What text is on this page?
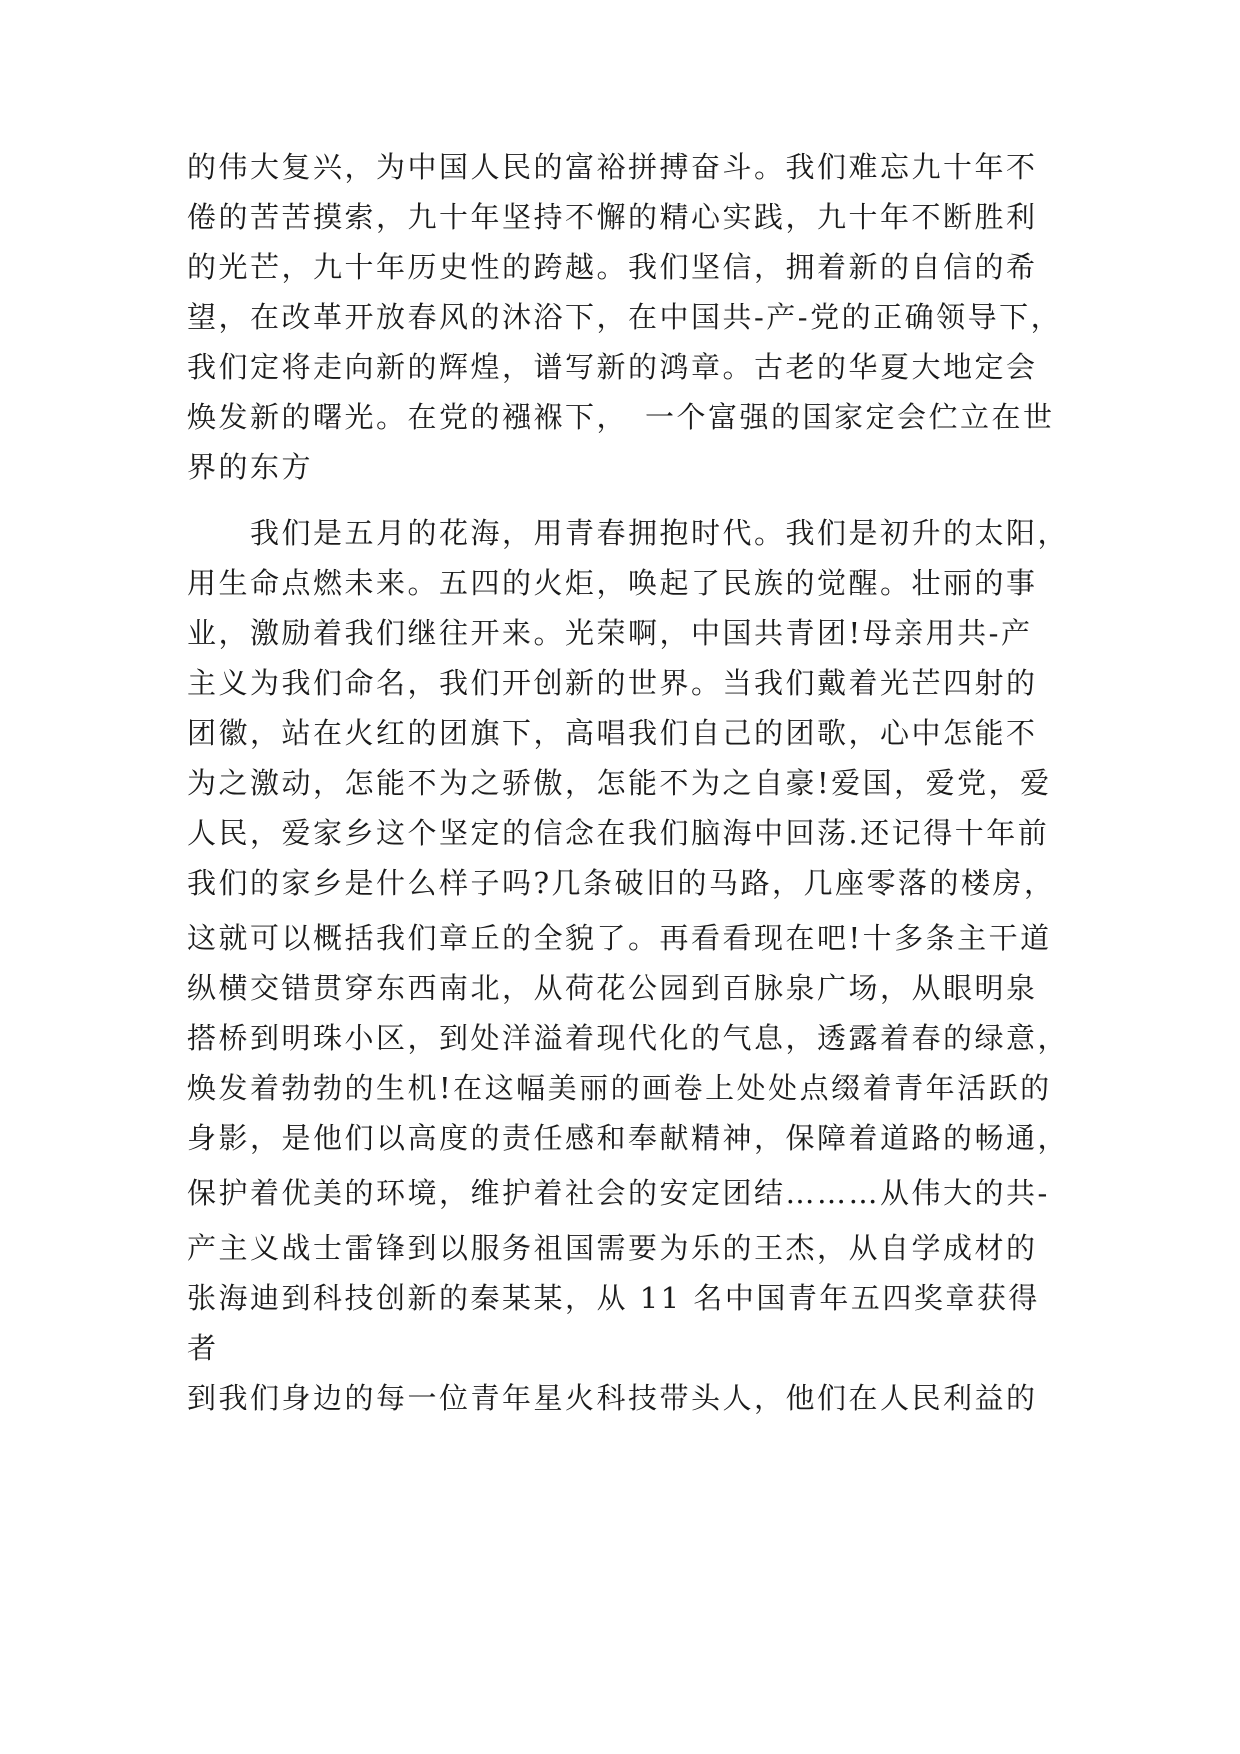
的伟大复兴，为中国人民的富裕拼搏奋斗。我们难忘九十年不
倦的苦苦摸索，九十年坚持不懈的精心实践，九十年不断胜利
的光芒，九十年历史性的跨越。我们坚信，拥着新的自信的希
望，在改革开放春风的沐浴下，在中国共-产-党的正确领导下，
我们定将走向新的辉煌，谱写新的鸿章。古老的华夏大地定会
焕发新的曙光。在党的襁褓下，　一个富强的国家定会伫立在世
界的东方
　　我们是五月的花海，用青春拥抱时代。我们是初升的太阳，
用生命点燃未来。五四的火炬，唤起了民族的觉醒。壮丽的事
业，激励着我们继往开来。光荣啊，中国共青团!母亲用共-产
主义为我们命名，我们开创新的世界。当我们戴着光芒四射的
团徽，站在火红的团旗下，高唱我们自己的团歌，心中怎能不
为之激动，怎能不为之骄傲，怎能不为之自豪!爱国，爱党，爱
人民，爱家乡这个坚定的信念在我们脑海中回荡.还记得十年前
我们的家乡是什么样子吗?几条破旧的马路，几座零落的楼房，
这就可以概括我们章丘的全貌了。再看看现在吧!十多条主干道
纵横交错贯穿东西南北，从荷花公园到百脉泉广场，从眼明泉
搭桥到明珠小区，到处洋溢着现代化的气息，透露着春的绿意，
焕发着勃勃的生机!在这幅美丽的画卷上处处点缀着青年活跃的
身影，是他们以高度的责任感和奉献精神，保障着道路的畅通，
保护着优美的环境，维护着社会的安定团结………从伟大的共-
产主义战士雷锋到以服务祖国需要为乐的王杰，从自学成材的
张海迪到科技创新的秦某某，从 11 名中国青年五四奖章获得
者
到我们身边的每一位青年星火科技带头人，他们在人民利益的
